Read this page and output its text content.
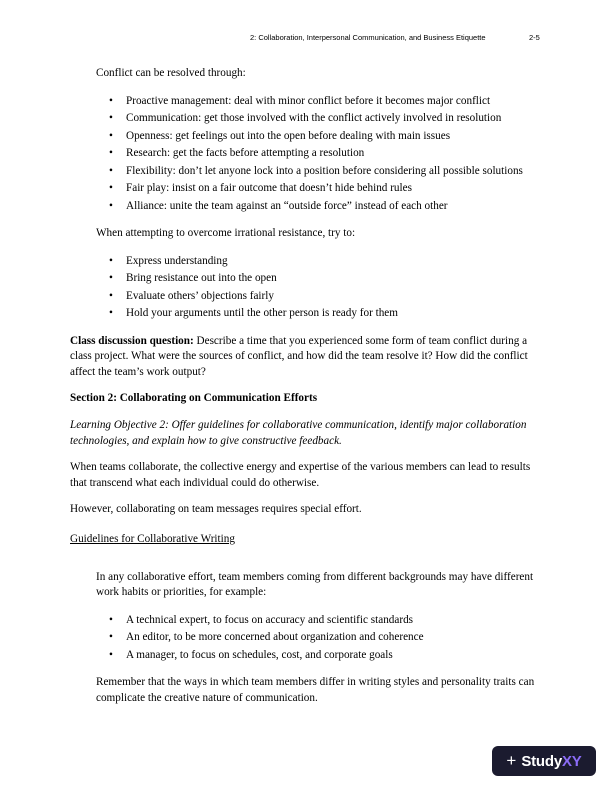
2: Collaboration, Interpersonal Communication, and Business Etiquette	2-5

Conflict can be resolved through:

• Proactive management: deal with minor conflict before it becomes major conflict
• Communication: get those involved with the conflict actively involved in resolution
• Openness: get feelings out into the open before dealing with main issues
• Research: get the facts before attempting a resolution
• Flexibility: don’t let anyone lock into a position before considering all possible solutions
• Fair play: insist on a fair outcome that doesn’t hide behind rules
• Alliance: unite the team against an “outside force” instead of each other

When attempting to overcome irrational resistance, try to:

• Express understanding
• Bring resistance out into the open
• Evaluate others’ objections fairly
• Hold your arguments until the other person is ready for them

Class discussion question: Describe a time that you experienced some form of team conflict during a class project. What were the sources of conflict, and how did the team resolve it? How did the conflict affect the team’s work output?

Section 2: Collaborating on Communication Efforts

Learning Objective 2: Offer guidelines for collaborative communication, identify major collaboration technologies, and explain how to give constructive feedback.

When teams collaborate, the collective energy and expertise of the various members can lead to results that transcend what each individual could do otherwise.

However, collaborating on team messages requires special effort.

Guidelines for Collaborative Writing

In any collaborative effort, team members coming from different backgrounds may have different work habits or priorities, for example:

• A technical expert, to focus on accuracy and scientific standards
• An editor, to be more concerned about organization and coherence
• A manager, to focus on schedules, cost, and corporate goals

Remember that the ways in which team members differ in writing styles and personality traits can complicate the creative nature of communication.

+ StudyXY
